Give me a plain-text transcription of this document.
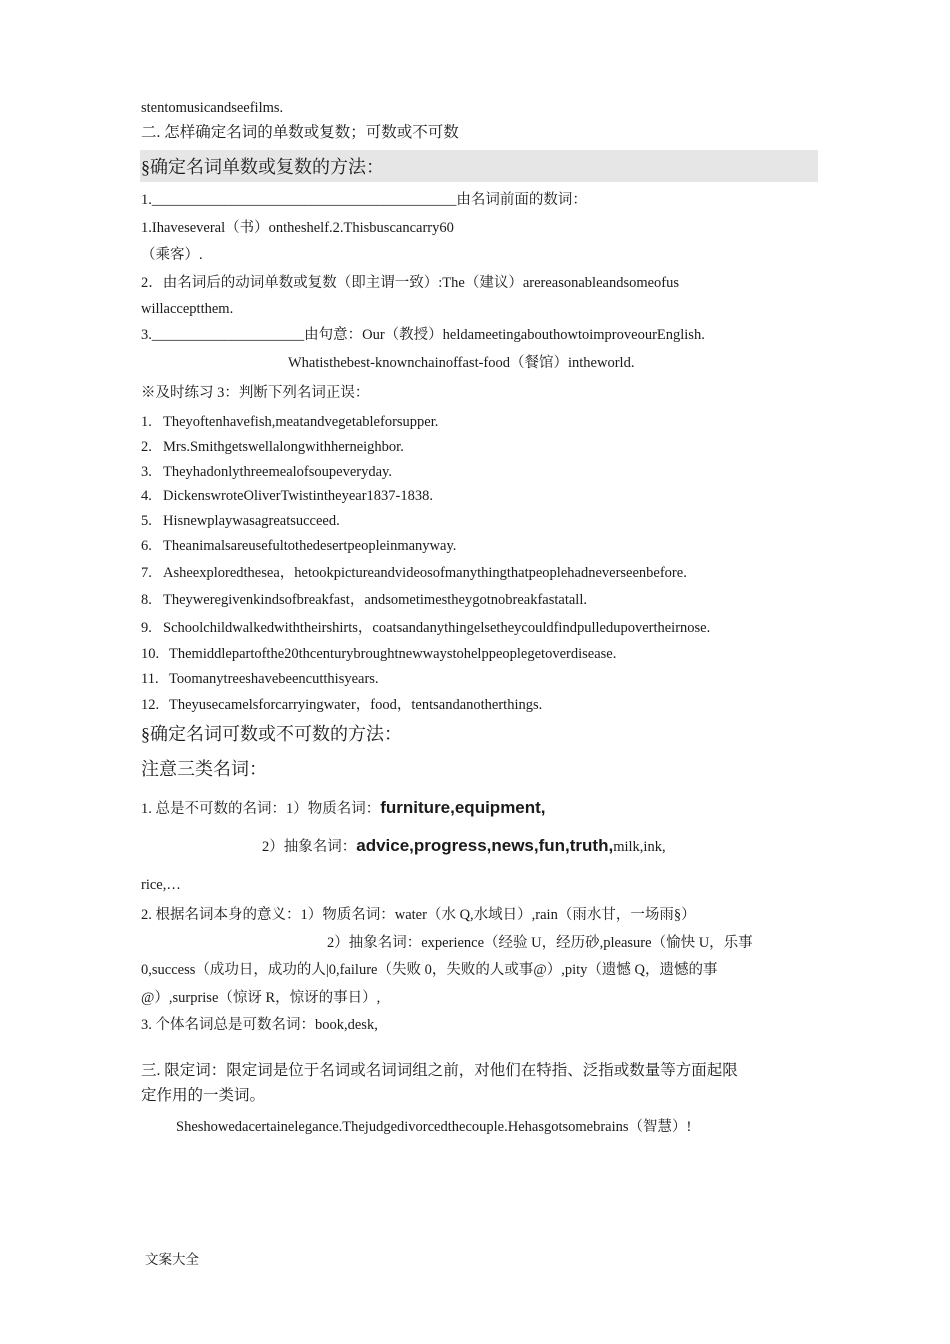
stentomusicandseefilms.
二. 怎样确定名词的单数或复数；可数或不可数
§确定名词单数或复数的方法：
1.__________________________________________由名词前面的数词：
1.Ihaveseveral（书）ontheshelf.2.Thisbuscancarry60
（乘客）.
2．由名词后的动词单数或复数（即主谓一致）:The（建议）arereasonableandsomeofus
willacceptthem.
3._____________________由句意：Our（教授）heldameetingabouthowtoimproveourEnglish.
Whatisthebest-knownchainoffast-food（餐馆）intheworld.
※及时练习 3：判断下列名词正误：
1. Theyoftenhavefish,meatandvegetableforsupper.
2. Mrs.Smithgetswellalongwithherneighbor.
3. Theyhadonlythreemealofsoupeveryday.
4. DickenswroteOliverTwistintheyear1837-1838.
5. Hisnewplaywasagreatsucceed.
6. Theanimalsareusefultothedesertpeopleinmanyway.
7. Asheexploredthesea，hetookpictureandvideosofmanythingthatpeoplehadneverseenbefore.
8. Theyweregivenkindsofbreakfast，andsometimestheygotnobreakfastatall.
9. Schoolchildwalkedwiththeirshirts，coatsandanythingelsetheycouldfindpulledupovertheirnose.
10. Themiddlepartofthe20thcenturybroughtnewwaystohelppeoplegetoverdisease.
11. Toomanytreeshavebeencutthisyears.
12. Theyusecamelsforcarryingwater，food，tentsandanotherthings.
§确定名词可数或不可数的方法：
注意三类名词：
1. 总是不可数的名词：1）物质名词：furniture,equipment,
2）抽象名词：advice,progress,news,fun,truth,milk,ink,
rice,…
2. 根据名词本身的意义：1）物质名词：water（水 Q,水域日）,rain（雨水甘，一场雨§）
2）抽象名词：experience（经验 U，经历砂,pleasure（愉快 U，乐事
0,success（成功日，成功的人|0,failure（失败 0，失败的人或事@）,pity（遗憾 Q，遗憾的事
@）,surprise（惊讶 R，惊讶的事日）,
3. 个体名词总是可数名词：book,desk,
三. 限定词：限定词是位于名词或名词词组之前，对他们在特指、泛指或数量等方面起限
定作用的一类词。
Sheshowedacertainelegance.Thejudgedivorcedthecouple.Hehasgotsomebrains（智慧）!
文案大全
